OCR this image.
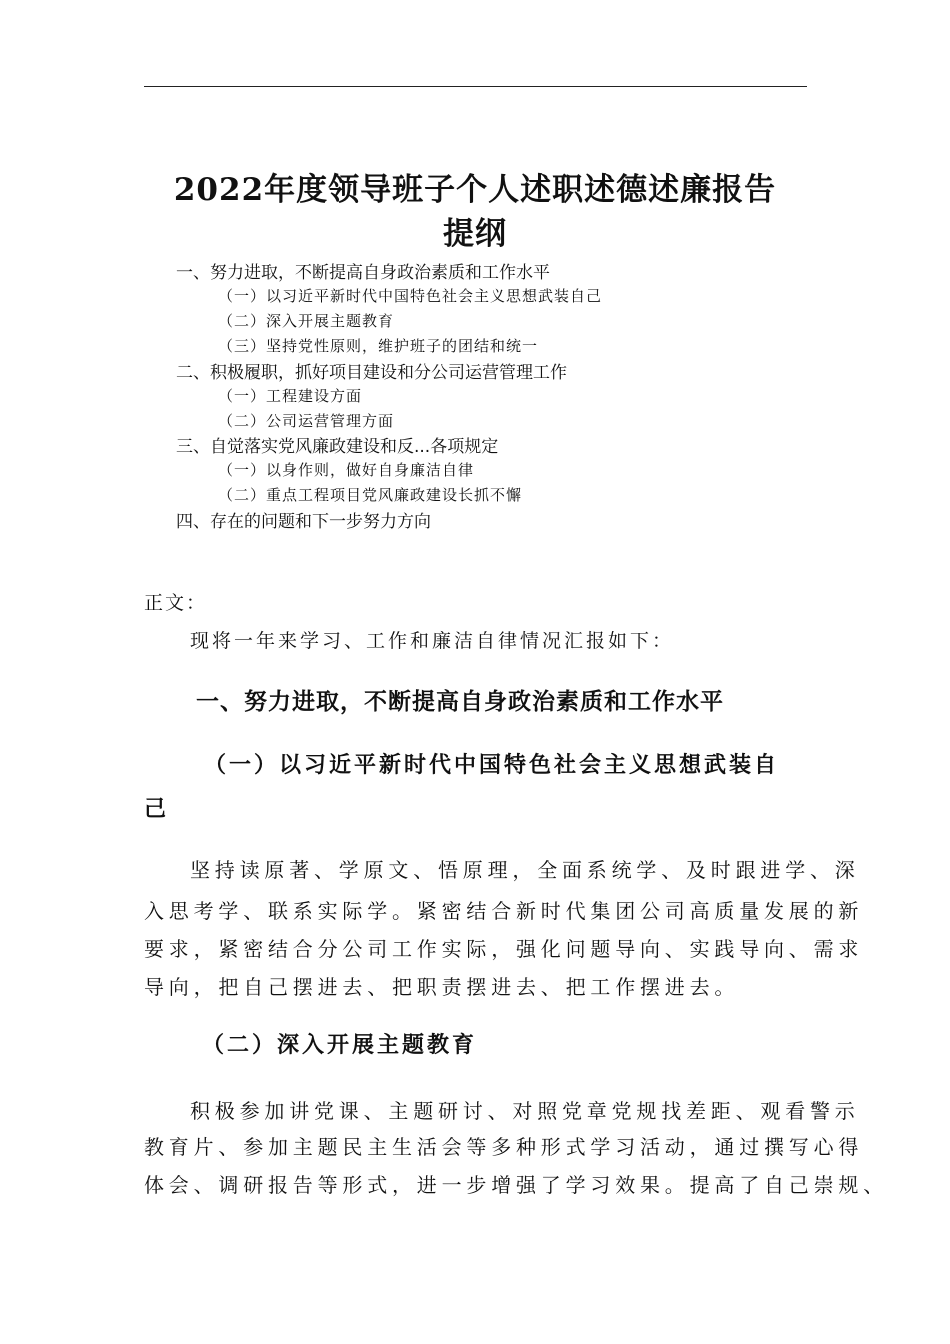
2022年度领导班子个人述职述德述廉报告
提纲
一、努力进取，不断提高自身政治素质和工作水平
（一）以习近平新时代中国特色社会主义思想武装自己
（二）深入开展主题教育
（三）坚持党性原则，维护班子的团结和统一
二、积极履职，抓好项目建设和分公司运营管理工作
（一）工程建设方面
（二）公司运营管理方面
三、自觉落实党风廉政建设和反...各项规定
（一）以身作则，做好自身廉洁自律
（二）重点工程项目党风廉政建设长抓不懈
四、存在的问题和下一步努力方向
正文：
现将一年来学习、工作和廉洁自律情况汇报如下：
一、努力进取，不断提高自身政治素质和工作水平
（一）以习近平新时代中国特色社会主义思想武装自
己
坚持读原著、学原文、悟原理，全面系统学、及时跟进学、深
入思考学、联系实际学。紧密结合新时代集团公司高质量发展的新
要求，紧密结合分公司工作实际，强化问题导向、实践导向、需求
导向，把自己摆进去、把职责摆进去、把工作摆进去。
（二）深入开展主题教育
积极参加讲党课、主题研讨、对照党章党规找差距、观看警示
教育片、参加主题民主生活会等多种形式学习活动，通过撰写心得
体会、调研报告等形式，进一步增强了学习效果。提高了自己崇规、
